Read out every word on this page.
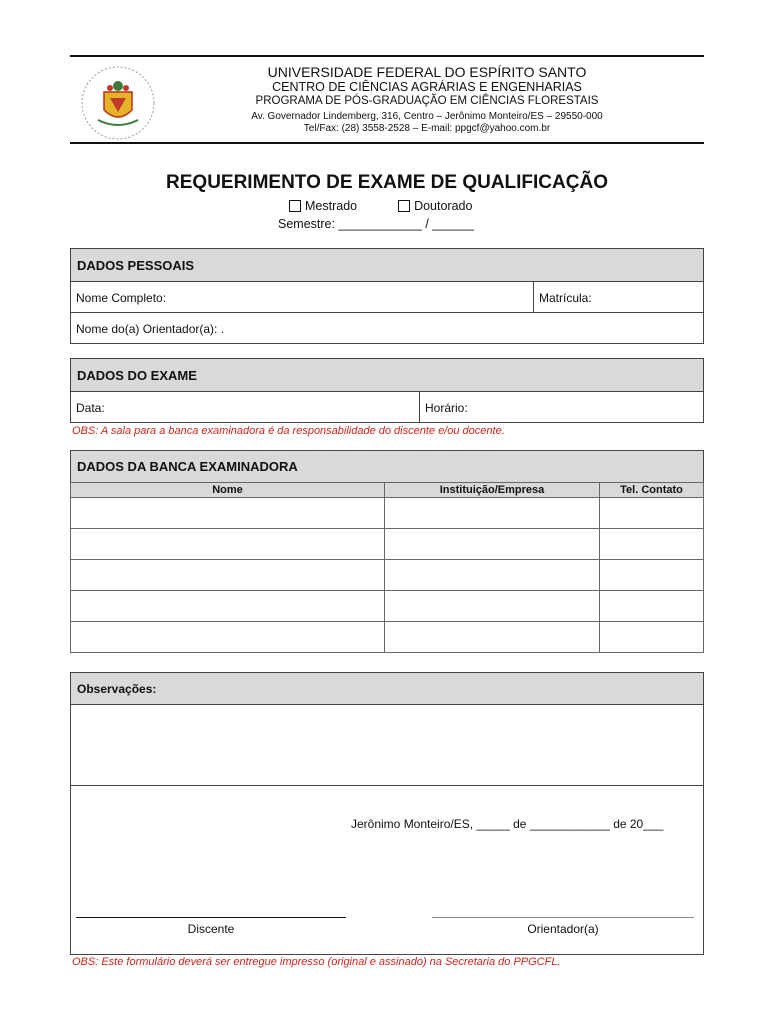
UNIVERSIDADE FEDERAL DO ESPÍRITO SANTO
CENTRO DE CIÊNCIAS AGRÁRIAS E ENGENHARIAS
PROGRAMA DE PÓS-GRADUAÇÃO EM CIÊNCIAS FLORESTAIS
Av. Governador Lindemberg, 316, Centro – Jerônimo Monteiro/ES – 29550-000
Tel/Fax: (28) 3558-2528 – E-mail: ppgcf@yahoo.com.br
REQUERIMENTO DE EXAME DE QUALIFICAÇÃO
Mestrado	Doutorado
Semestre: ____________ / ______
DADOS PESSOAIS
Nome Completo:	Matrícula:
Nome do(a) Orientador(a): .
DADOS DO EXAME
Data:	Horário:
OBS: A sala para a banca examinadora é da responsabilidade do discente e/ou docente.
DADOS DA BANCA EXAMINADORA
Nome	Instituição/Empresa	Tel. Contato

Observações:
Jerônimo Monteiro/ES, _____ de ____________ de 20___
Discente	Orientador(a)
OBS: Este formulário deverá ser entregue impresso (original e assinado) na Secretaria do PPGCFL.
